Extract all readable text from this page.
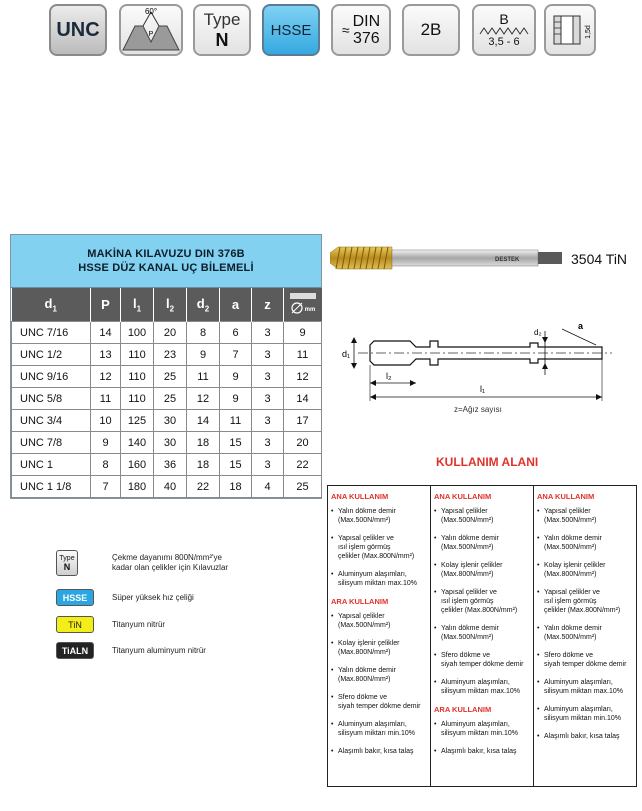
UNC
60°
P
Type
N	HSSE ≈ DIN
376 2B
B
3,5 - 6
1,5d
MAKİNA KILAVUZU DIN 376B
HSSE DÜZ KANAL UÇ BİLEMELİ
$d_1$	P	$l_1$	$l_2$	$d_2$	a	z	mm

UNC 7/16	14	100	20	8	6	3	9
UNC 1/2	13	110	23	9	7	3	11
UNC 9/16	12	110	25	11	9	3	12
UNC 5/8	11	110	25	12	9	3	14
UNC 3/4	10	125	30	14	11	3	17
UNC 7/8	9	140	30	18	15	3	20
UNC 1	8	160	36	18	15	3	22
UNC 1 1/8	7	180	40	22	18	4	25
DESTEK	3504 TiN
d₁
d₂
a
l₂
l₁
z=Ağız sayısı
KULLANIM ALANI
ANA KULLANIM
• Yalın dökme demir
(Max.500N/mm²)
• Yapısal çelikler ve
ısıl işlem görmüş
çelikler (Max.800N/mm²)
• Aluminyum alaşımları,
silisyum miktarı max.10%
ARA KULLANIM
• Yapısal çelikler
(Max.500N/mm²)
• Kolay işlenir çelikler
(Max.800N/mm²)
• Yalın dökme demir
(Max.800N/mm²)
• Sfero dökme ve
siyah temper dökme demir
• Aluminyum alaşımları,
silisyum miktarı min.10%
• Alaşımlı bakır, kısa talaş
ANA KULLANIM
• Yapısal çelikler
(Max.500N/mm²)
• Yalın dökme demir
(Max.500N/mm²)
• Kolay işlenir çelikler
(Max.800N/mm²)
• Yapısal çelikler ve
ısıl işlem görmüş
çelikler (Max.800N/mm²)
• Yalın dökme demir
(Max.500N/mm²)
• Sfero dökme ve
siyah temper dökme demir
• Aluminyum alaşımları,
silisyum miktarı max.10%
ARA KULLANIM
• Aluminyum alaşımları,
silisyum miktarı min.10%
• Alaşımlı bakır, kısa talaş
ANA KULLANIM
• Yapısal çelikler
(Max.500N/mm²)
• Yalın dökme demir
(Max.500N/mm²)
• Kolay işlenir çelikler
(Max.800N/mm²)
• Yapısal çelikler ve
ısıl işlem görmüş
çelikler (Max.800N/mm²)
• Yalın dökme demir
(Max.500N/mm²)
• Sfero dökme ve
siyah temper dökme demir
• Aluminyum alaşımları,
silisyum miktarı max.10%
• Aluminyum alaşımları,
silisyum miktarı min.10%
• Alaşımlı bakır, kısa talaş
Type
N
Çekme dayanımı 800N/mm²'ye
kadar olan çelikler için Kılavuzlar
HSSE	Süper yüksek hız çeliği
TiN	Titanyum nitrür
TiALN	Titanyum aluminyum nitrür
